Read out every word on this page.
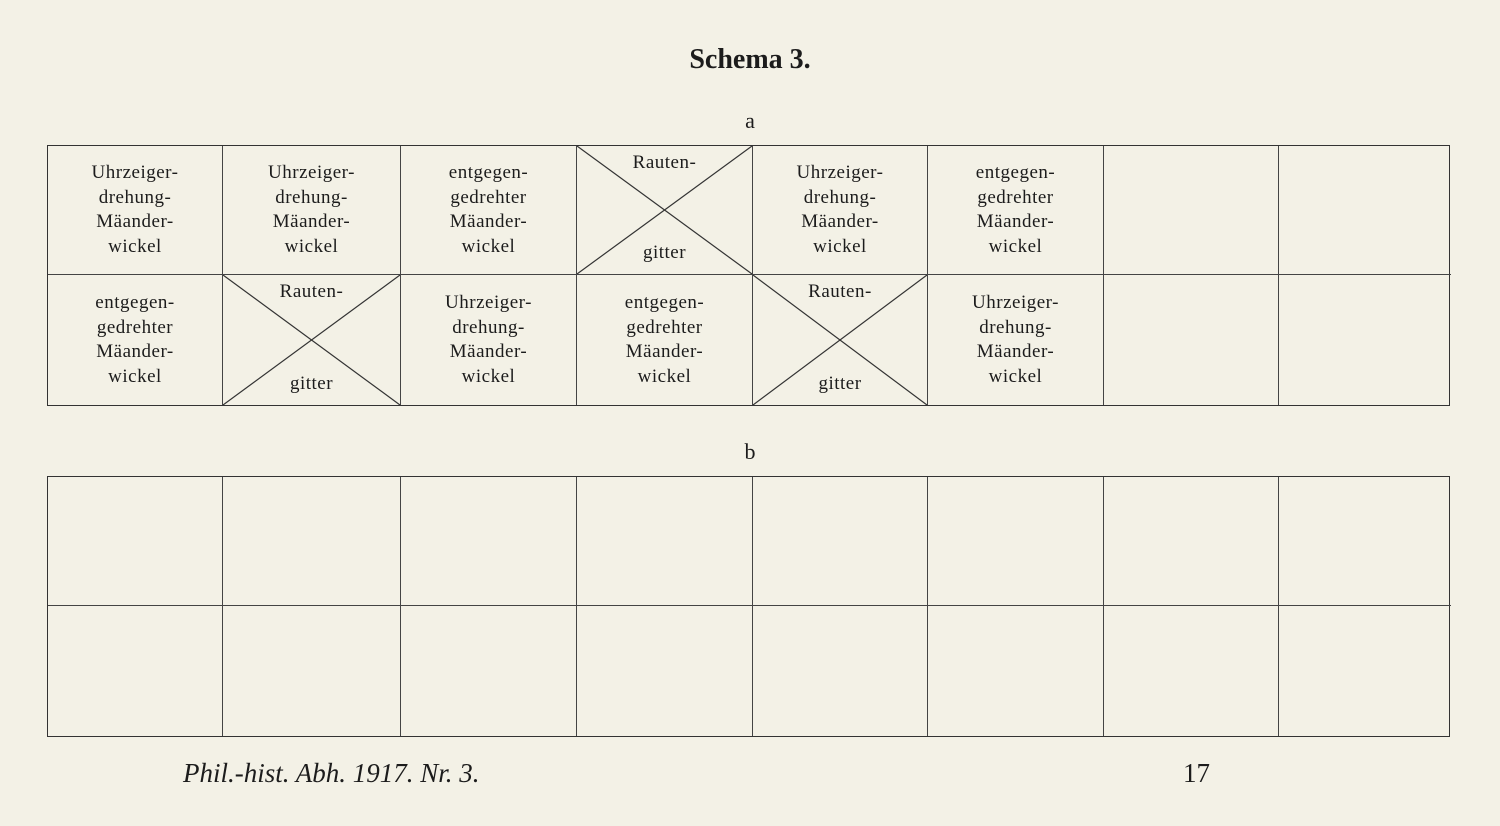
Schema 3.
a
Uhrzeiger-
drehung-
Mäander-
wickel
Uhrzeiger-
drehung-
Mäander-
wickel
entgegen-
gedrehter
Mäander-
wickel
Rauten-
gitter
Uhrzeiger-
drehung-
Mäander-
wickel
entgegen-
gedrehter
Mäander-
wickel
entgegen-
gedrehter
Mäander-
wickel
Rauten-
gitter
Uhrzeiger-
drehung-
Mäander-
wickel
entgegen-
gedrehter
Mäander-
wickel
Rauten-
gitter
Uhrzeiger-
drehung-
Mäander-
wickel
b
Phil.-hist. Abh. 1917. Nr. 3.	17
